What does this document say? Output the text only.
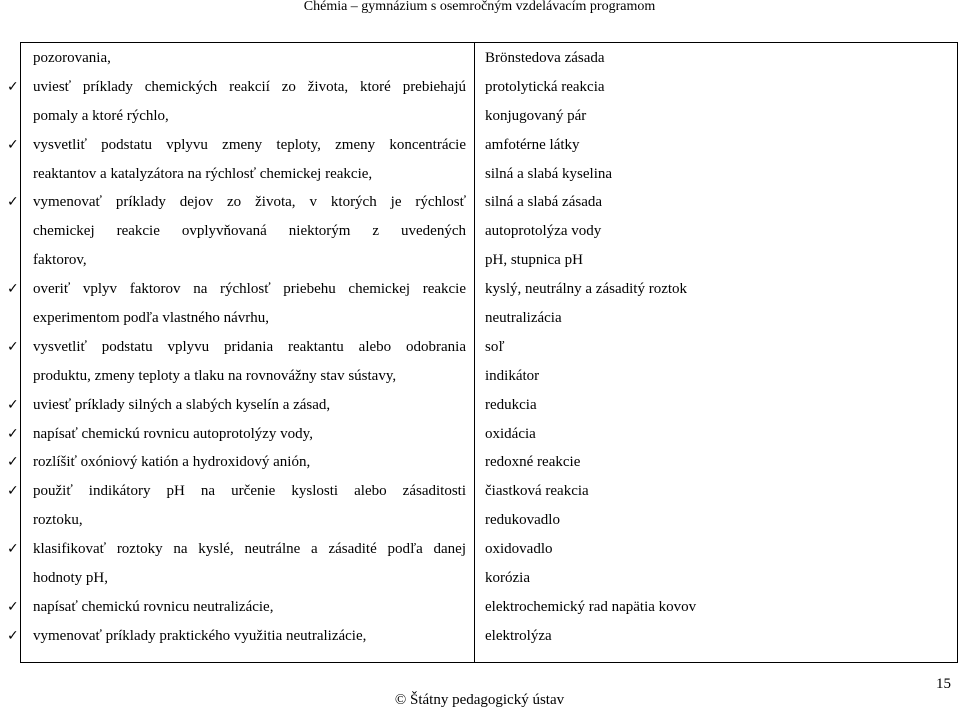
Chémia – gymnázium s osemročným vzdelávacím programom
pozorovania,
✓ uviesť príklady chemických reakcií zo života, ktoré prebiehajú
pomaly a ktoré rýchlo,
✓ vysvetliť podstatu vplyvu zmeny teploty, zmeny koncentrácie
reaktantov a katalyzátora na rýchlosť chemickej reakcie,
✓ vymenovať príklady dejov zo života, v ktorých je rýchlosť
chemickej reakcie ovplyvňovaná niektorým z uvedených
faktorov,
✓ overiť vplyv faktorov na rýchlosť priebehu chemickej reakcie
experimentom podľa vlastného návrhu,
✓ vysvetliť podstatu vplyvu pridania reaktantu alebo odobrania
produktu, zmeny teploty a tlaku na rovnovážny stav sústavy,
✓ uviesť príklady silných a slabých kyselín a zásad,
✓ napísať chemickú rovnicu autoprotolýzy vody,
✓ rozlíšiť oxóniový katión a hydroxidový anión,
✓ použiť indikátory pH na určenie kyslosti alebo zásaditosti
roztoku,
✓ klasifikovať roztoky na kyslé, neutrálne a zásadité podľa danej
hodnoty pH,
✓ napísať chemickú rovnicu neutralizácie,
✓ vymenovať príklady praktického využitia neutralizácie,
Brönstedova zásada
protolytická reakcia
konjugovaný pár
amfotérne látky
silná a slabá kyselina
silná a slabá zásada
autoprotolýza vody
pH, stupnica pH
kyslý, neutrálny a zásaditý roztok
neutralizácia
soľ
indikátor
redukcia
oxidácia
redoxné reakcie
čiastková reakcia
redukovadlo
oxidovadlo
korózia
elektrochemický rad napätia kovov
elektrolýza
© Štátny pedagogický ústav
15
